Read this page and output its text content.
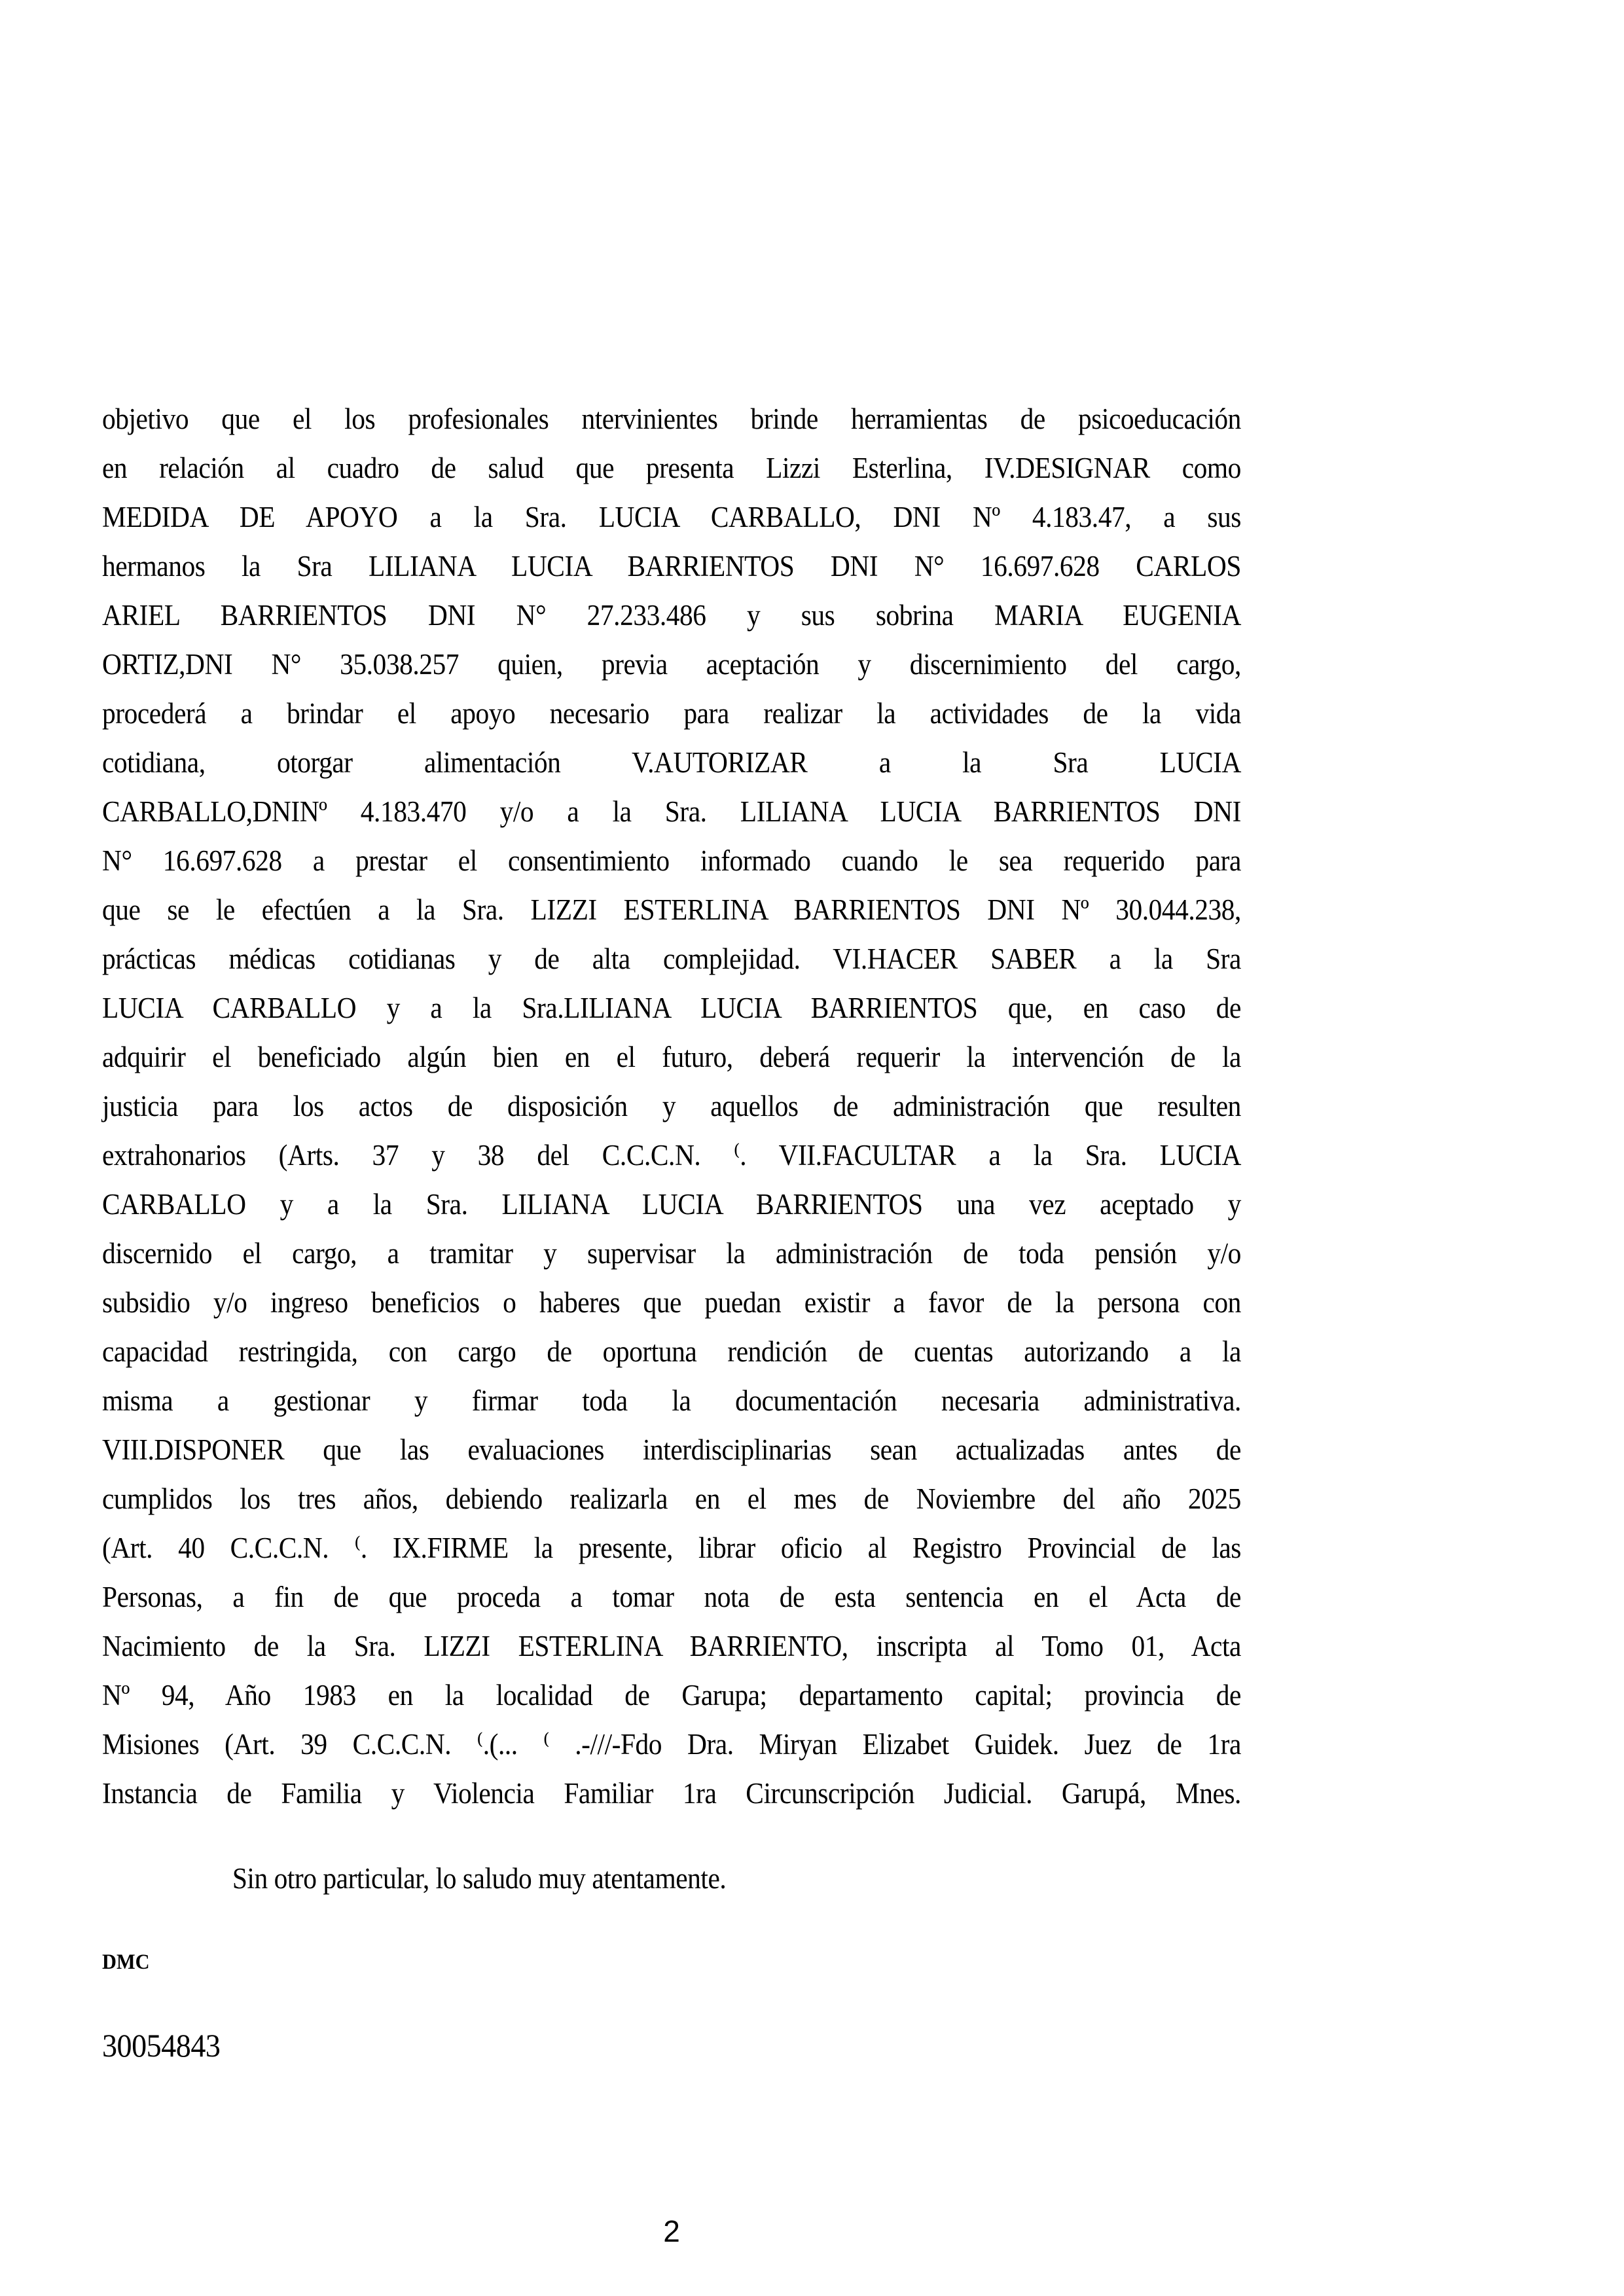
objetivo que el los profesionales ntervinientes brinde herramientas de psicoeducación
en relación al cuadro de salud que presenta Lizzi Esterlina, IV.DESIGNAR como
MEDIDA DE APOYO a la Sra. LUCIA CARBALLO, DNI Nº 4.183.47, a sus
hermanos la Sra LILIANA LUCIA BARRIENTOS DNI N° 16.697.628 CARLOS
ARIEL BARRIENTOS DNI N° 27.233.486 y sus sobrina MARIA EUGENIA
ORTIZ,DNI N° 35.038.257 quien, previa aceptación y discernimiento del cargo,
procederá a brindar el apoyo necesario para realizar la actividades de la vida
cotidiana, otorgar alimentación V.AUTORIZAR a la Sra LUCIA
CARBALLO,DNINº 4.183.470 y/o a la Sra. LILIANA LUCIA BARRIENTOS DNI
N° 16.697.628 a prestar el consentimiento informado cuando le sea requerido para
que se le efectúen a la Sra. LIZZI ESTERLINA BARRIENTOS DNI Nº 30.044.238,
prácticas médicas cotidianas y de alta complejidad. VI.HACER SABER a la Sra
LUCIA CARBALLO y a la Sra.LILIANA LUCIA BARRIENTOS que, en caso de
adquirir el beneficiado algún bien en el futuro, deberá requerir la intervención de la
justicia para los actos de disposición y aquellos de administración que resulten
extrahonarios (Arts. 37 y 38 del C.C.C.N. ⁽. VII.FACULTAR a la Sra. LUCIA
CARBALLO y a la Sra. LILIANA LUCIA BARRIENTOS una vez aceptado y
discernido el cargo, a tramitar y supervisar la administración de toda pensión y/o
subsidio y/o ingreso beneficios o haberes que puedan existir a favor de la persona con
capacidad restringida, con cargo de oportuna rendición de cuentas autorizando a la
misma a gestionar y firmar toda la documentación necesaria administrativa.
VIII.DISPONER que las evaluaciones interdisciplinarias sean actualizadas antes de
cumplidos los tres años, debiendo realizarla en el mes de Noviembre del año 2025
(Art. 40 C.C.C.N. ⁽. IX.FIRME la presente, librar oficio al Registro Provincial de las
Personas, a fin de que proceda a tomar nota de esta sentencia en el Acta de
Nacimiento de la Sra. LIZZI ESTERLINA BARRIENTO, inscripta al Tomo 01, Acta
Nº 94, Año 1983 en la localidad de Garupa; departamento capital; provincia de
Misiones (Art. 39 C.C.C.N. ⁽.(... ⁽ .-///-Fdo Dra. Miryan Elizabet Guidek. Juez de 1ra
Instancia de Familia y Violencia Familiar 1ra Circunscripción Judicial. Garupá, Mnes.
Sin otro particular, lo saludo muy atentamente.
DMC
30054843
2
